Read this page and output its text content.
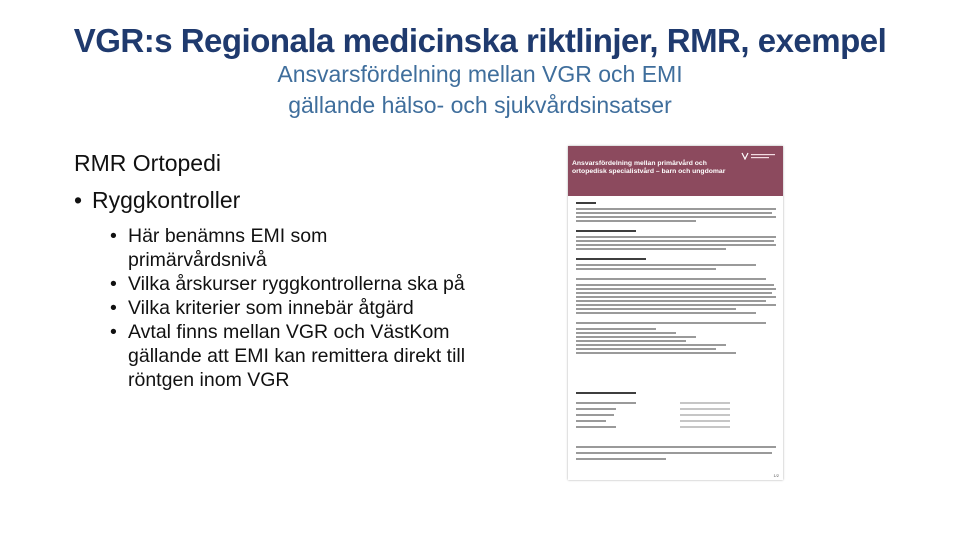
VGR:s Regionala medicinska riktlinjer, RMR, exempel
Ansvarsfördelning mellan VGR och EMI
gällande hälso- och sjukvårdsinsatser
RMR Ortopedi
• Ryggkontroller
• Här benämns EMI som primärvårdsnivå
• Vilka årskurser ryggkontrollerna ska på
• Vilka kriterier som innebär åtgärd
• Avtal finns mellan VGR och VästKom gällande att EMI kan remittera direkt till röntgen inom VGR
Ansvarsfördelning mellan primärvård och ortopedisk specialistvård – barn och ungdomar
1/2
